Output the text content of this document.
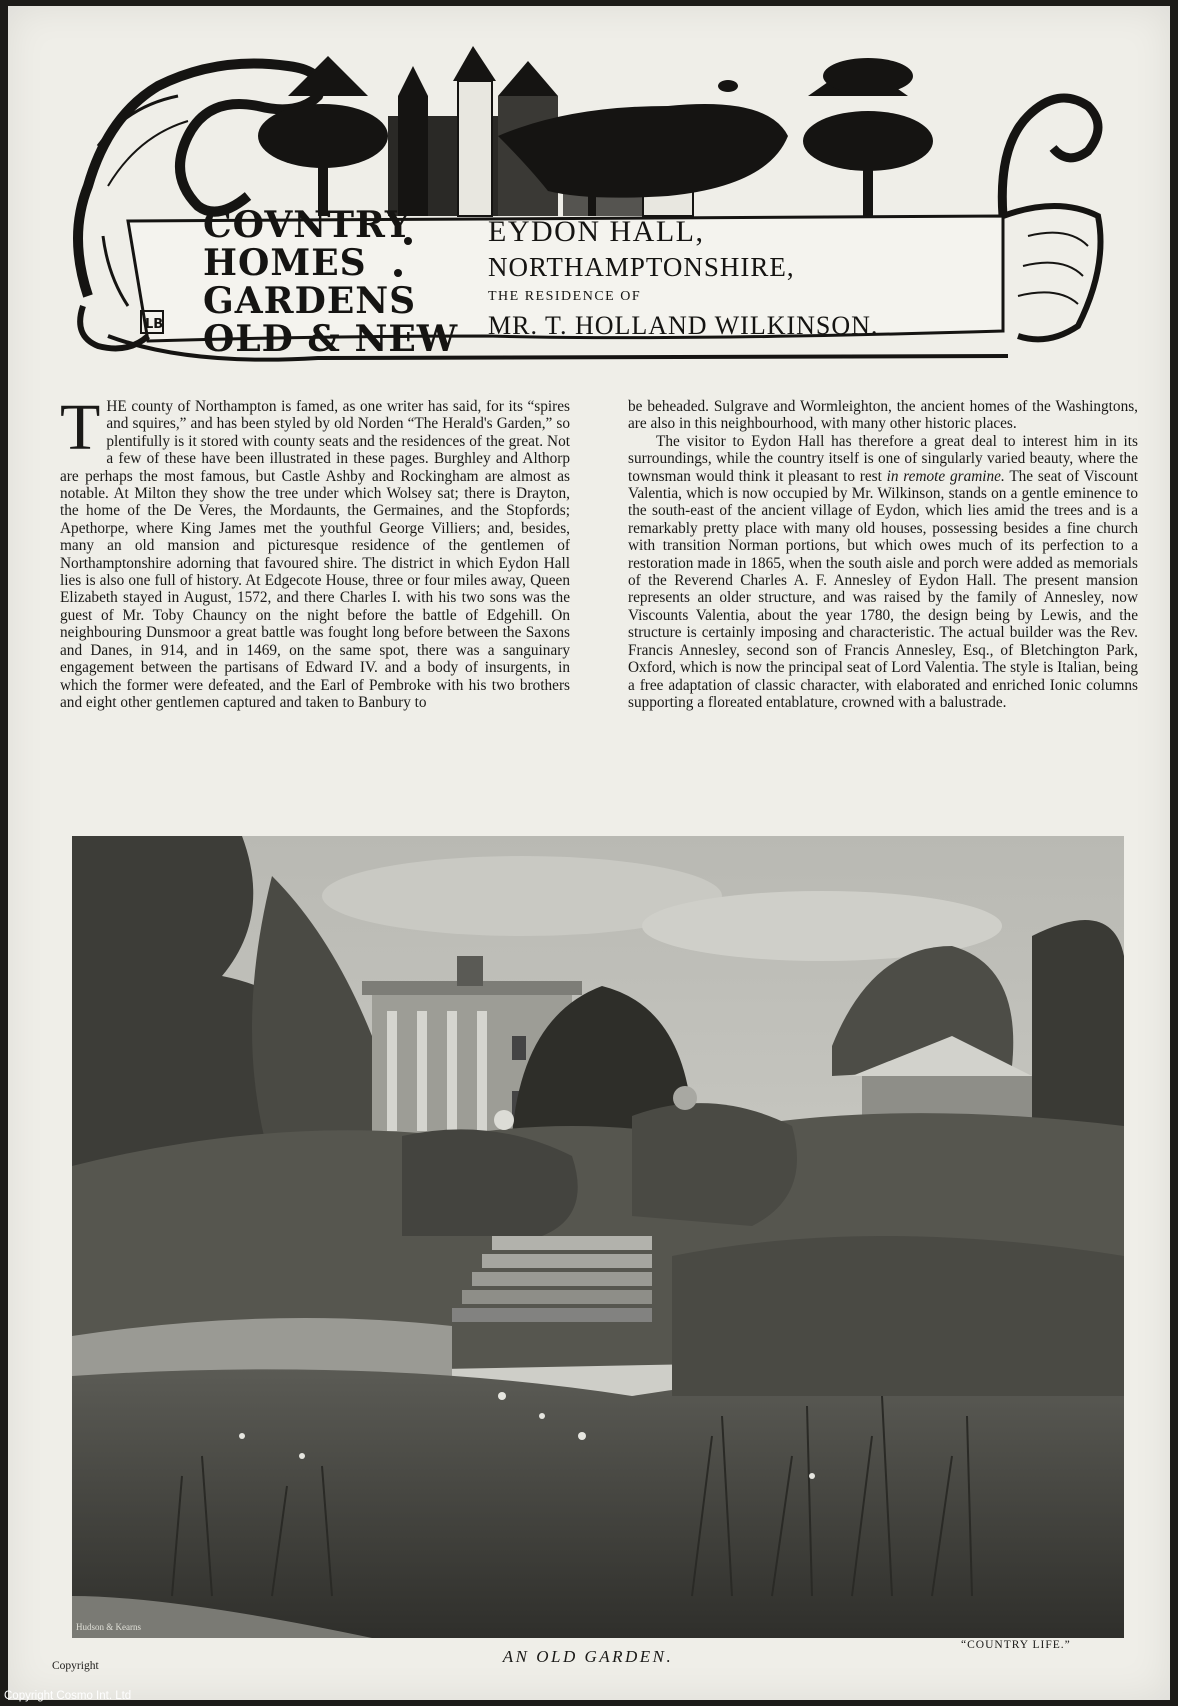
LB
COVNTRY
HOMES
GARDENS
OLD & NEW
EYDON HALL,
NORTHAMPTONSHIRE,
THE RESIDENCE OF
MR. T. HOLLAND WILKINSON.

THE county of Northampton is famed, as one writer has said, for its “spires and squires,” and has been styled by old Norden “The Herald's Garden,” so plentifully is it stored with county seats and the residences of the great. Not a few of these have been illustrated in these pages. Burghley and Althorp are perhaps the most famous, but Castle Ashby and Rockingham are almost as notable. At Milton they show the tree under which Wolsey sat; there is Drayton, the home of the De Veres, the Mordaunts, the Germaines, and the Stopfords; Apethorpe, where King James met the youthful George Villiers; and, besides, many an old mansion and picturesque residence of the gentlemen of Northamptonshire adorning that favoured shire. The district in which Eydon Hall lies is also one full of history. At Edgecote House, three or four miles away, Queen Elizabeth stayed in August, 1572, and there Charles I. with his two sons was the guest of Mr. Toby Chauncy on the night before the battle of Edgehill. On neighbouring Dunsmoor a great battle was fought long before between the Saxons and Danes, in 914, and in 1469, on the same spot, there was a sanguinary engagement between the partisans of Edward IV. and a body of insurgents, in which the former were defeated, and the Earl of Pembroke with his two brothers and eight other gentlemen captured and taken to Banbury to

be beheaded. Sulgrave and Wormleighton, the ancient homes of the Washingtons, are also in this neighbourhood, with many other historic places.

The visitor to Eydon Hall has therefore a great deal to interest him in its surroundings, while the country itself is one of singularly varied beauty, where the townsman would think it pleasant to rest in remote gramine. The seat of Viscount Valentia, which is now occupied by Mr. Wilkinson, stands on a gentle eminence to the south-east of the ancient village of Eydon, which lies amid the trees and is a remarkably pretty place with many old houses, possessing besides a fine church with transition Norman portions, but which owes much of its perfection to a restoration made in 1865, when the south aisle and porch were added as memorials of the Reverend Charles A. F. Annesley of Eydon Hall. The present mansion represents an older structure, and was raised by the family of Annesley, now Viscounts Valentia, about the year 1780, the design being by Lewis, and the structure is certainly imposing and characteristic. The actual builder was the Rev. Francis Annesley, second son of Francis Annesley, Esq., of Bletchington Park, Oxford, which is now the principal seat of Lord Valentia. The style is Italian, being a free adaptation of classic character, with elaborated and enriched Ionic columns supporting a floreated entablature, crowned with a balustrade.

Hudson & Kearns
AN OLD GARDEN.
“COUNTRY LIFE.”
Copyright
Copyright Cosmo Int. Ltd
